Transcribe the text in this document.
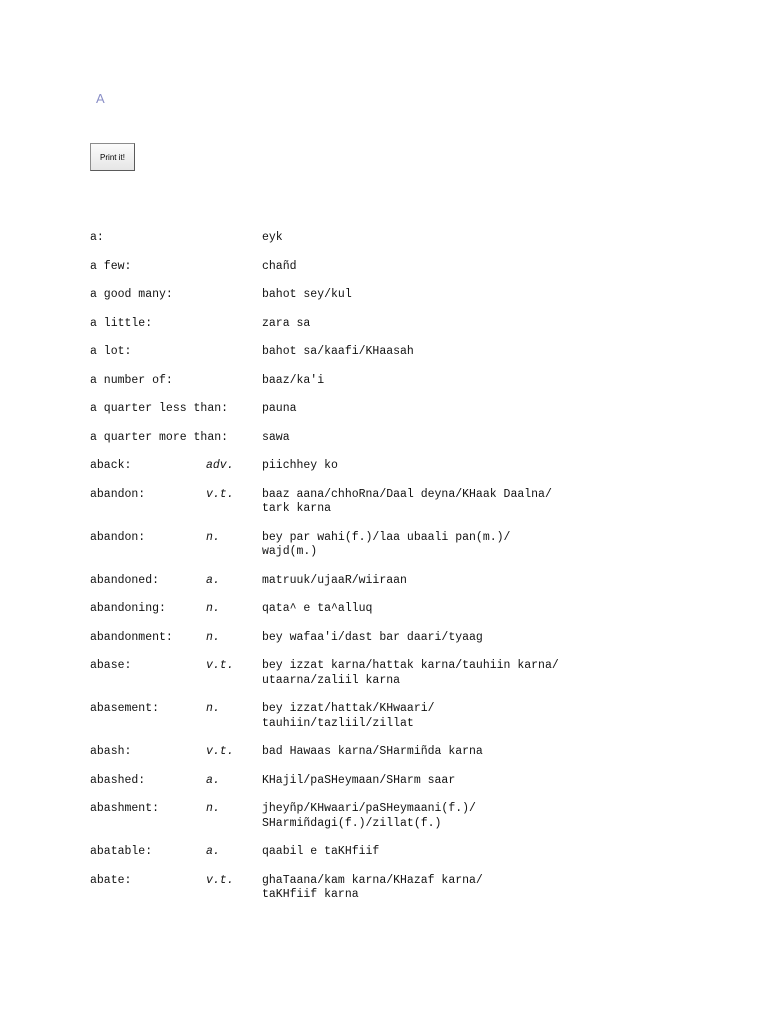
A
Print it!
a:	eyk
a few:	chañd
a good many:	bahot sey/kul
a little:	zara sa
a lot:	bahot sa/kaafi/KHaasah
a number of:	baaz/ka'i
a quarter less than:	pauna
a quarter more than:	sawa
aback:	adv.	piichhey ko
abandon:	v.t.	baaz aana/chhoRna/Daal deyna/KHaak Daalna/
tark karna
abandon:	n.	bey par wahi(f.)/laa ubaali pan(m.)/
wajd(m.)
abandoned:	a.	matruuk/ujaaR/wiiraan
abandoning:	n.	qata^ e ta^alluq
abandonment:	n.	bey wafaa'i/dast bar daari/tyaag
abase:	v.t.	bey izzat karna/hattak karna/tauhiin karna/
utaarna/zaliil karna
abasement:	n.	bey izzat/hattak/KHwaari/
tauhiin/tazliil/zillat
abash:	v.t.	bad Hawaas karna/SHarmiñda karna
abashed:	a.	KHajil/paSHeymaan/SHarm saar
abashment:	n.	jheyñp/KHwaari/paSHeymaani(f.)/
SHarmiñdagi(f.)/zillat(f.)
abatable:	a.	qaabil e taKHfiif
abate:	v.t.	ghaTaana/kam karna/KHazaf karna/
taKHfiif karna
